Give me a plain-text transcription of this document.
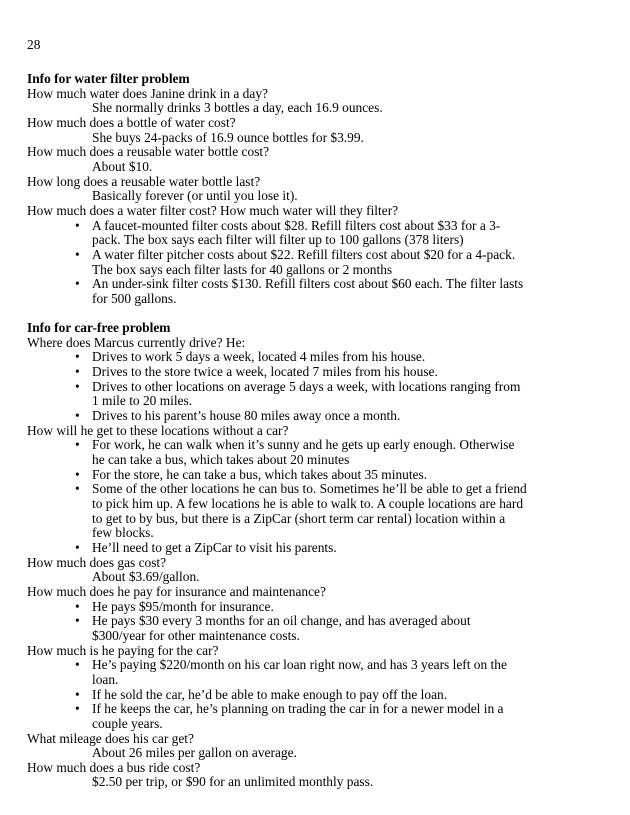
28
Info for water filter problem
How much water does Janine drink in a day?
She normally drinks 3 bottles a day, each 16.9 ounces.
How much does a bottle of water cost?
She buys 24-packs of 16.9 ounce bottles for $3.99.
How much does a reusable water bottle cost?
About $10.
How long does a reusable water bottle last?
Basically forever (or until you lose it).
How much does a water filter cost? How much water will they filter?
• A faucet-mounted filter costs about $28. Refill filters cost about $33 for a 3-pack. The box says each filter will filter up to 100 gallons (378 liters)
• A water filter pitcher costs about $22. Refill filters cost about $20 for a 4-pack. The box says each filter lasts for 40 gallons or 2 months
• An under-sink filter costs $130. Refill filters cost about $60 each. The filter lasts for 500 gallons.
Info for car-free problem
Where does Marcus currently drive? He:
• Drives to work 5 days a week, located 4 miles from his house.
• Drives to the store twice a week, located 7 miles from his house.
• Drives to other locations on average 5 days a week, with locations ranging from 1 mile to 20 miles.
• Drives to his parent’s house 80 miles away once a month.
How will he get to these locations without a car?
• For work, he can walk when it’s sunny and he gets up early enough. Otherwise he can take a bus, which takes about 20 minutes
• For the store, he can take a bus, which takes about 35 minutes.
• Some of the other locations he can bus to. Sometimes he’ll be able to get a friend to pick him up. A few locations he is able to walk to. A couple locations are hard to get to by bus, but there is a ZipCar (short term car rental) location within a few blocks.
• He’ll need to get a ZipCar to visit his parents.
How much does gas cost?
About $3.69/gallon.
How much does he pay for insurance and maintenance?
• He pays $95/month for insurance.
• He pays $30 every 3 months for an oil change, and has averaged about $300/year for other maintenance costs.
How much is he paying for the car?
• He’s paying $220/month on his car loan right now, and has 3 years left on the loan.
• If he sold the car, he’d be able to make enough to pay off the loan.
• If he keeps the car, he’s planning on trading the car in for a newer model in a couple years.
What mileage does his car get?
About 26 miles per gallon on average.
How much does a bus ride cost?
$2.50 per trip, or $90 for an unlimited monthly pass.
